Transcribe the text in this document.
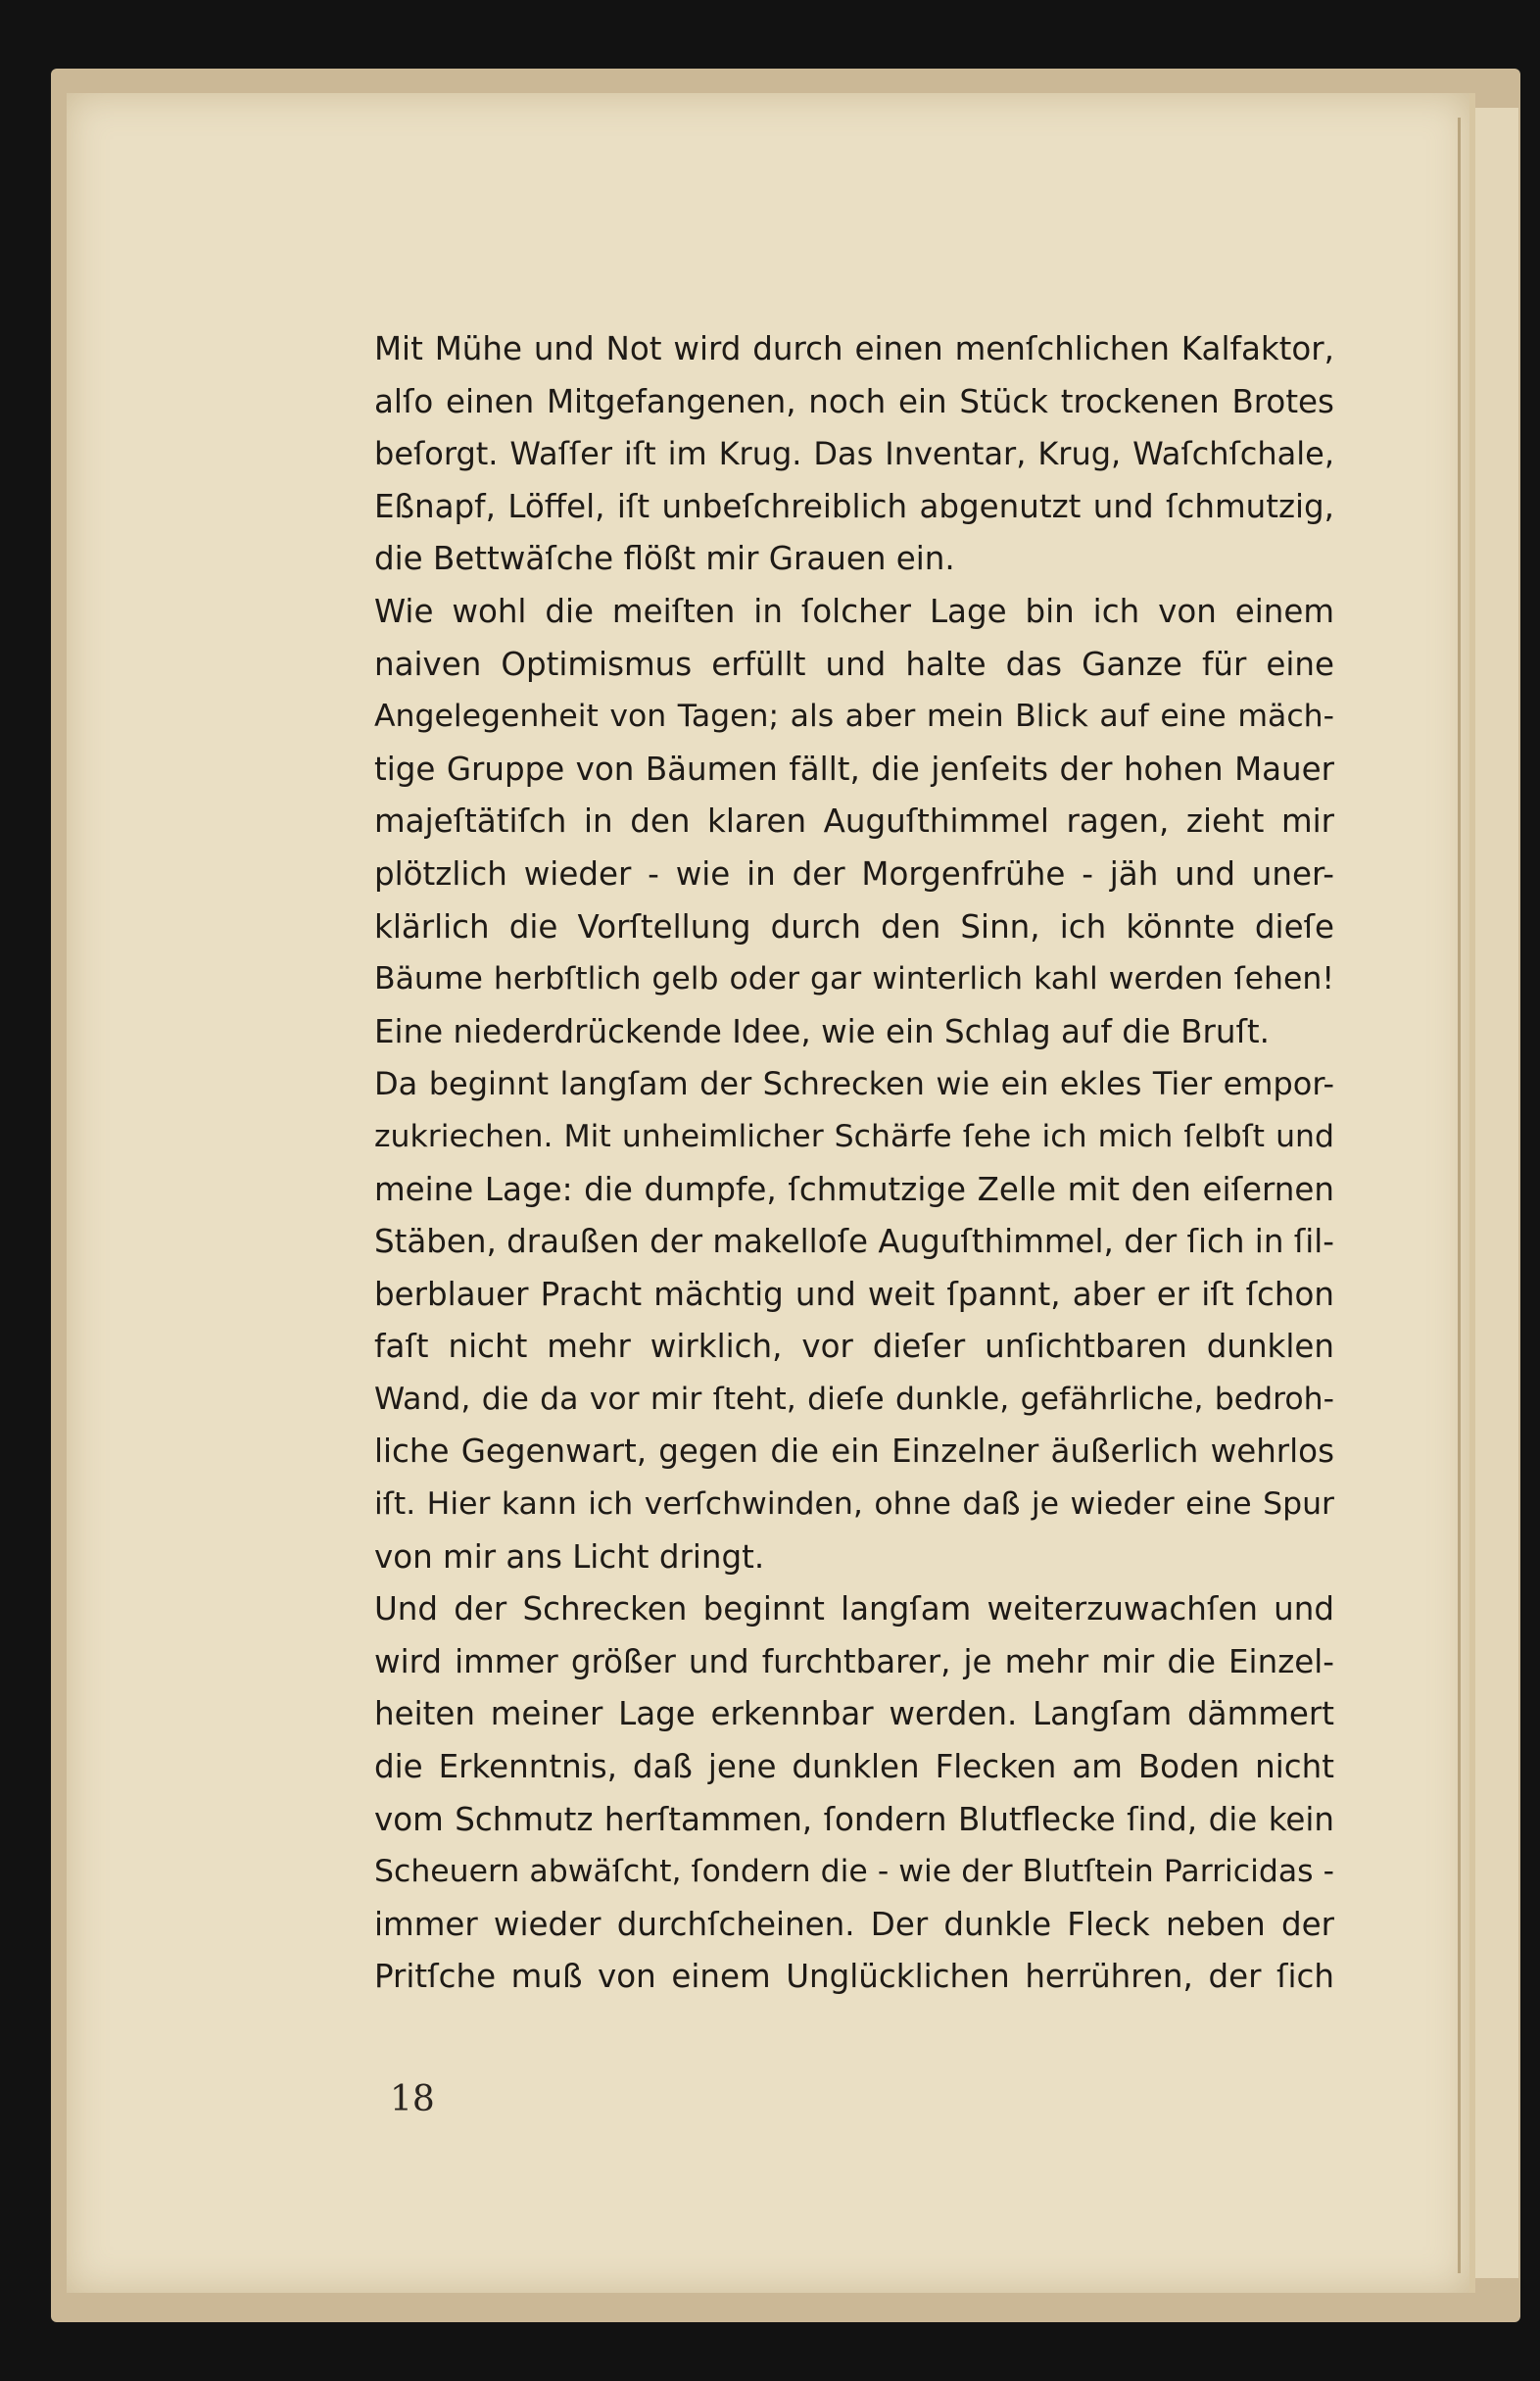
Mit Mühe und Not wird durch einen menſchlichen Kalfaktor,
alſo einen Mitgefangenen, noch ein Stück trockenen Brotes
beſorgt. Waſſer iſt im Krug. Das Inventar, Krug, Waſchſchale,
Eßnapf, Löffel, iſt unbeſchreiblich abgenutzt und ſchmutzig,
die Bettwäſche flößt mir Grauen ein.
Wie wohl die meiſten in ſolcher Lage bin ich von einem
naiven Optimismus erfüllt und halte das Ganze für eine
Angelegenheit von Tagen; als aber mein Blick auf eine mäch-
tige Gruppe von Bäumen fällt, die jenſeits der hohen Mauer
majeſtätiſch in den klaren Auguſthimmel ragen, zieht mir
plötzlich wieder - wie in der Morgenfrühe - jäh und uner-
klärlich die Vorſtellung durch den Sinn, ich könnte dieſe
Bäume herbſtlich gelb oder gar winterlich kahl werden ſehen!
Eine niederdrückende Idee, wie ein Schlag auf die Bruſt.
Da beginnt langſam der Schrecken wie ein ekles Tier empor-
zukriechen. Mit unheimlicher Schärfe ſehe ich mich ſelbſt und
meine Lage: die dumpfe, ſchmutzige Zelle mit den eiſernen
Stäben, draußen der makelloſe Auguſthimmel, der ſich in ſil-
berblauer Pracht mächtig und weit ſpannt, aber er iſt ſchon
faſt nicht mehr wirklich, vor dieſer unſichtbaren dunklen
Wand, die da vor mir ſteht, dieſe dunkle, gefährliche, bedroh-
liche Gegenwart, gegen die ein Einzelner äußerlich wehrlos
iſt. Hier kann ich verſchwinden, ohne daß je wieder eine Spur
von mir ans Licht dringt.
Und der Schrecken beginnt langſam weiterzuwachſen und
wird immer größer und furchtbarer, je mehr mir die Einzel-
heiten meiner Lage erkennbar werden. Langſam dämmert
die Erkenntnis, daß jene dunklen Flecken am Boden nicht
vom Schmutz herſtammen, ſondern Blutflecke ſind, die kein
Scheuern abwäſcht, ſondern die - wie der Blutſtein Parricidas -
immer wieder durchſcheinen. Der dunkle Fleck neben der
Pritſche muß von einem Unglücklichen herrühren, der ſich
18
